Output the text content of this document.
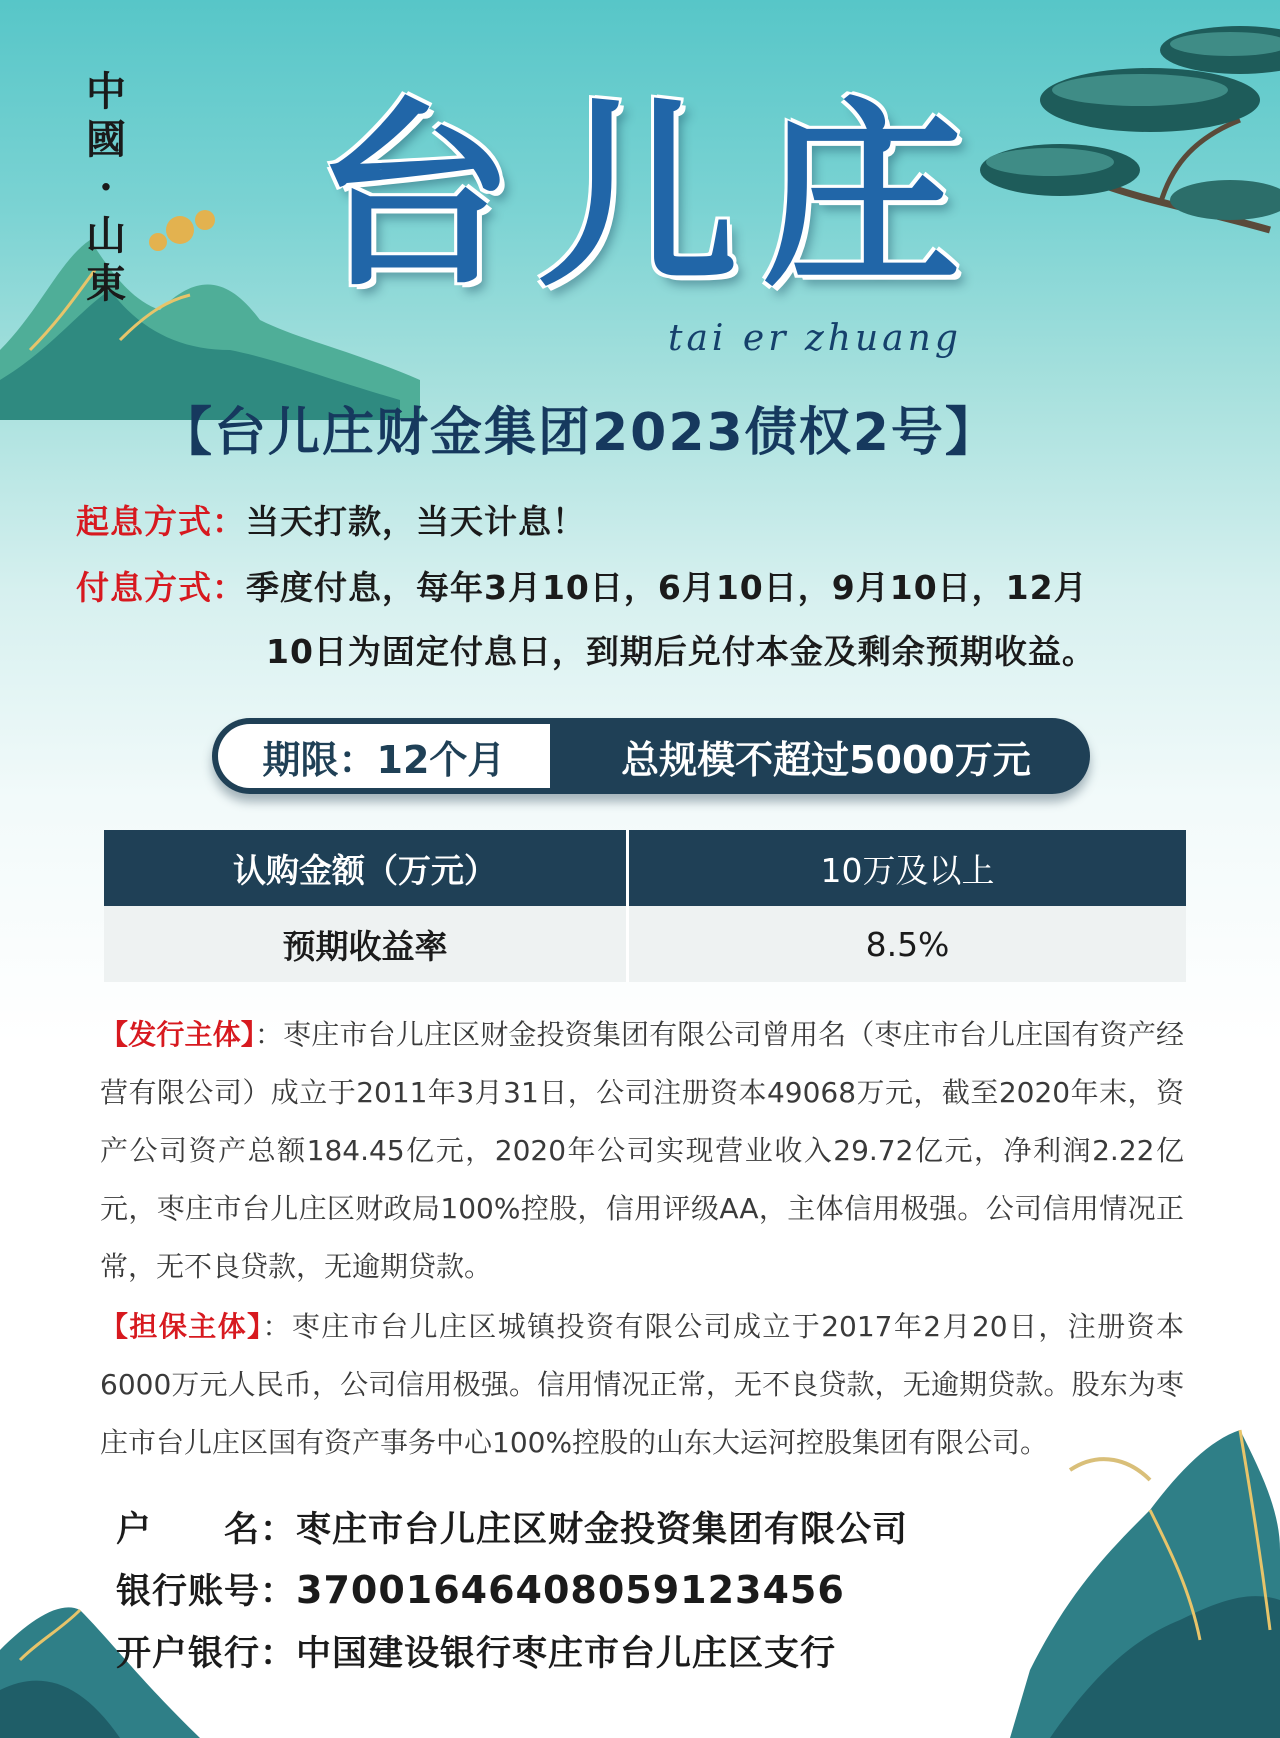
中
國
·
山
東 台儿庄
tai er zhuang
【台儿庄财金集团2023债权2号】
起息方式：当天打款，当天计息！
付息方式：季度付息，每年3月10日，6月10日，9月10日，12月
10日为固定付息日，到期后兑付本金及剩余预期收益。
期限：12个月	总规模不超过5000万元
认购金额（万元）	10万及以上
预期收益率	8.5%
【发行主体】：枣庄市台儿庄区财金投资集团有限公司曾用名（枣庄市台儿庄国有资产经营有限公司）成立于2011年3月31日，公司注册资本49068万元，截至2020年末，资产公司资产总额184.45亿元，2020年公司实现营业收入29.72亿元，净利润2.22亿元，枣庄市台儿庄区财政局100%控股，信用评级AA，主体信用极强。公司信用情况正常，无不良贷款，无逾期贷款。
【担保主体】：枣庄市台儿庄区城镇投资有限公司成立于2017年2月20日，注册资本6000万元人民币，公司信用极强。信用情况正常，无不良贷款，无逾期贷款。股东为枣庄市台儿庄区国有资产事务中心100%控股的山东大运河控股集团有限公司。
户　　名：枣庄市台儿庄区财金投资集团有限公司
银行账号：37001646408059123456
开户银行：中国建设银行枣庄市台儿庄区支行
